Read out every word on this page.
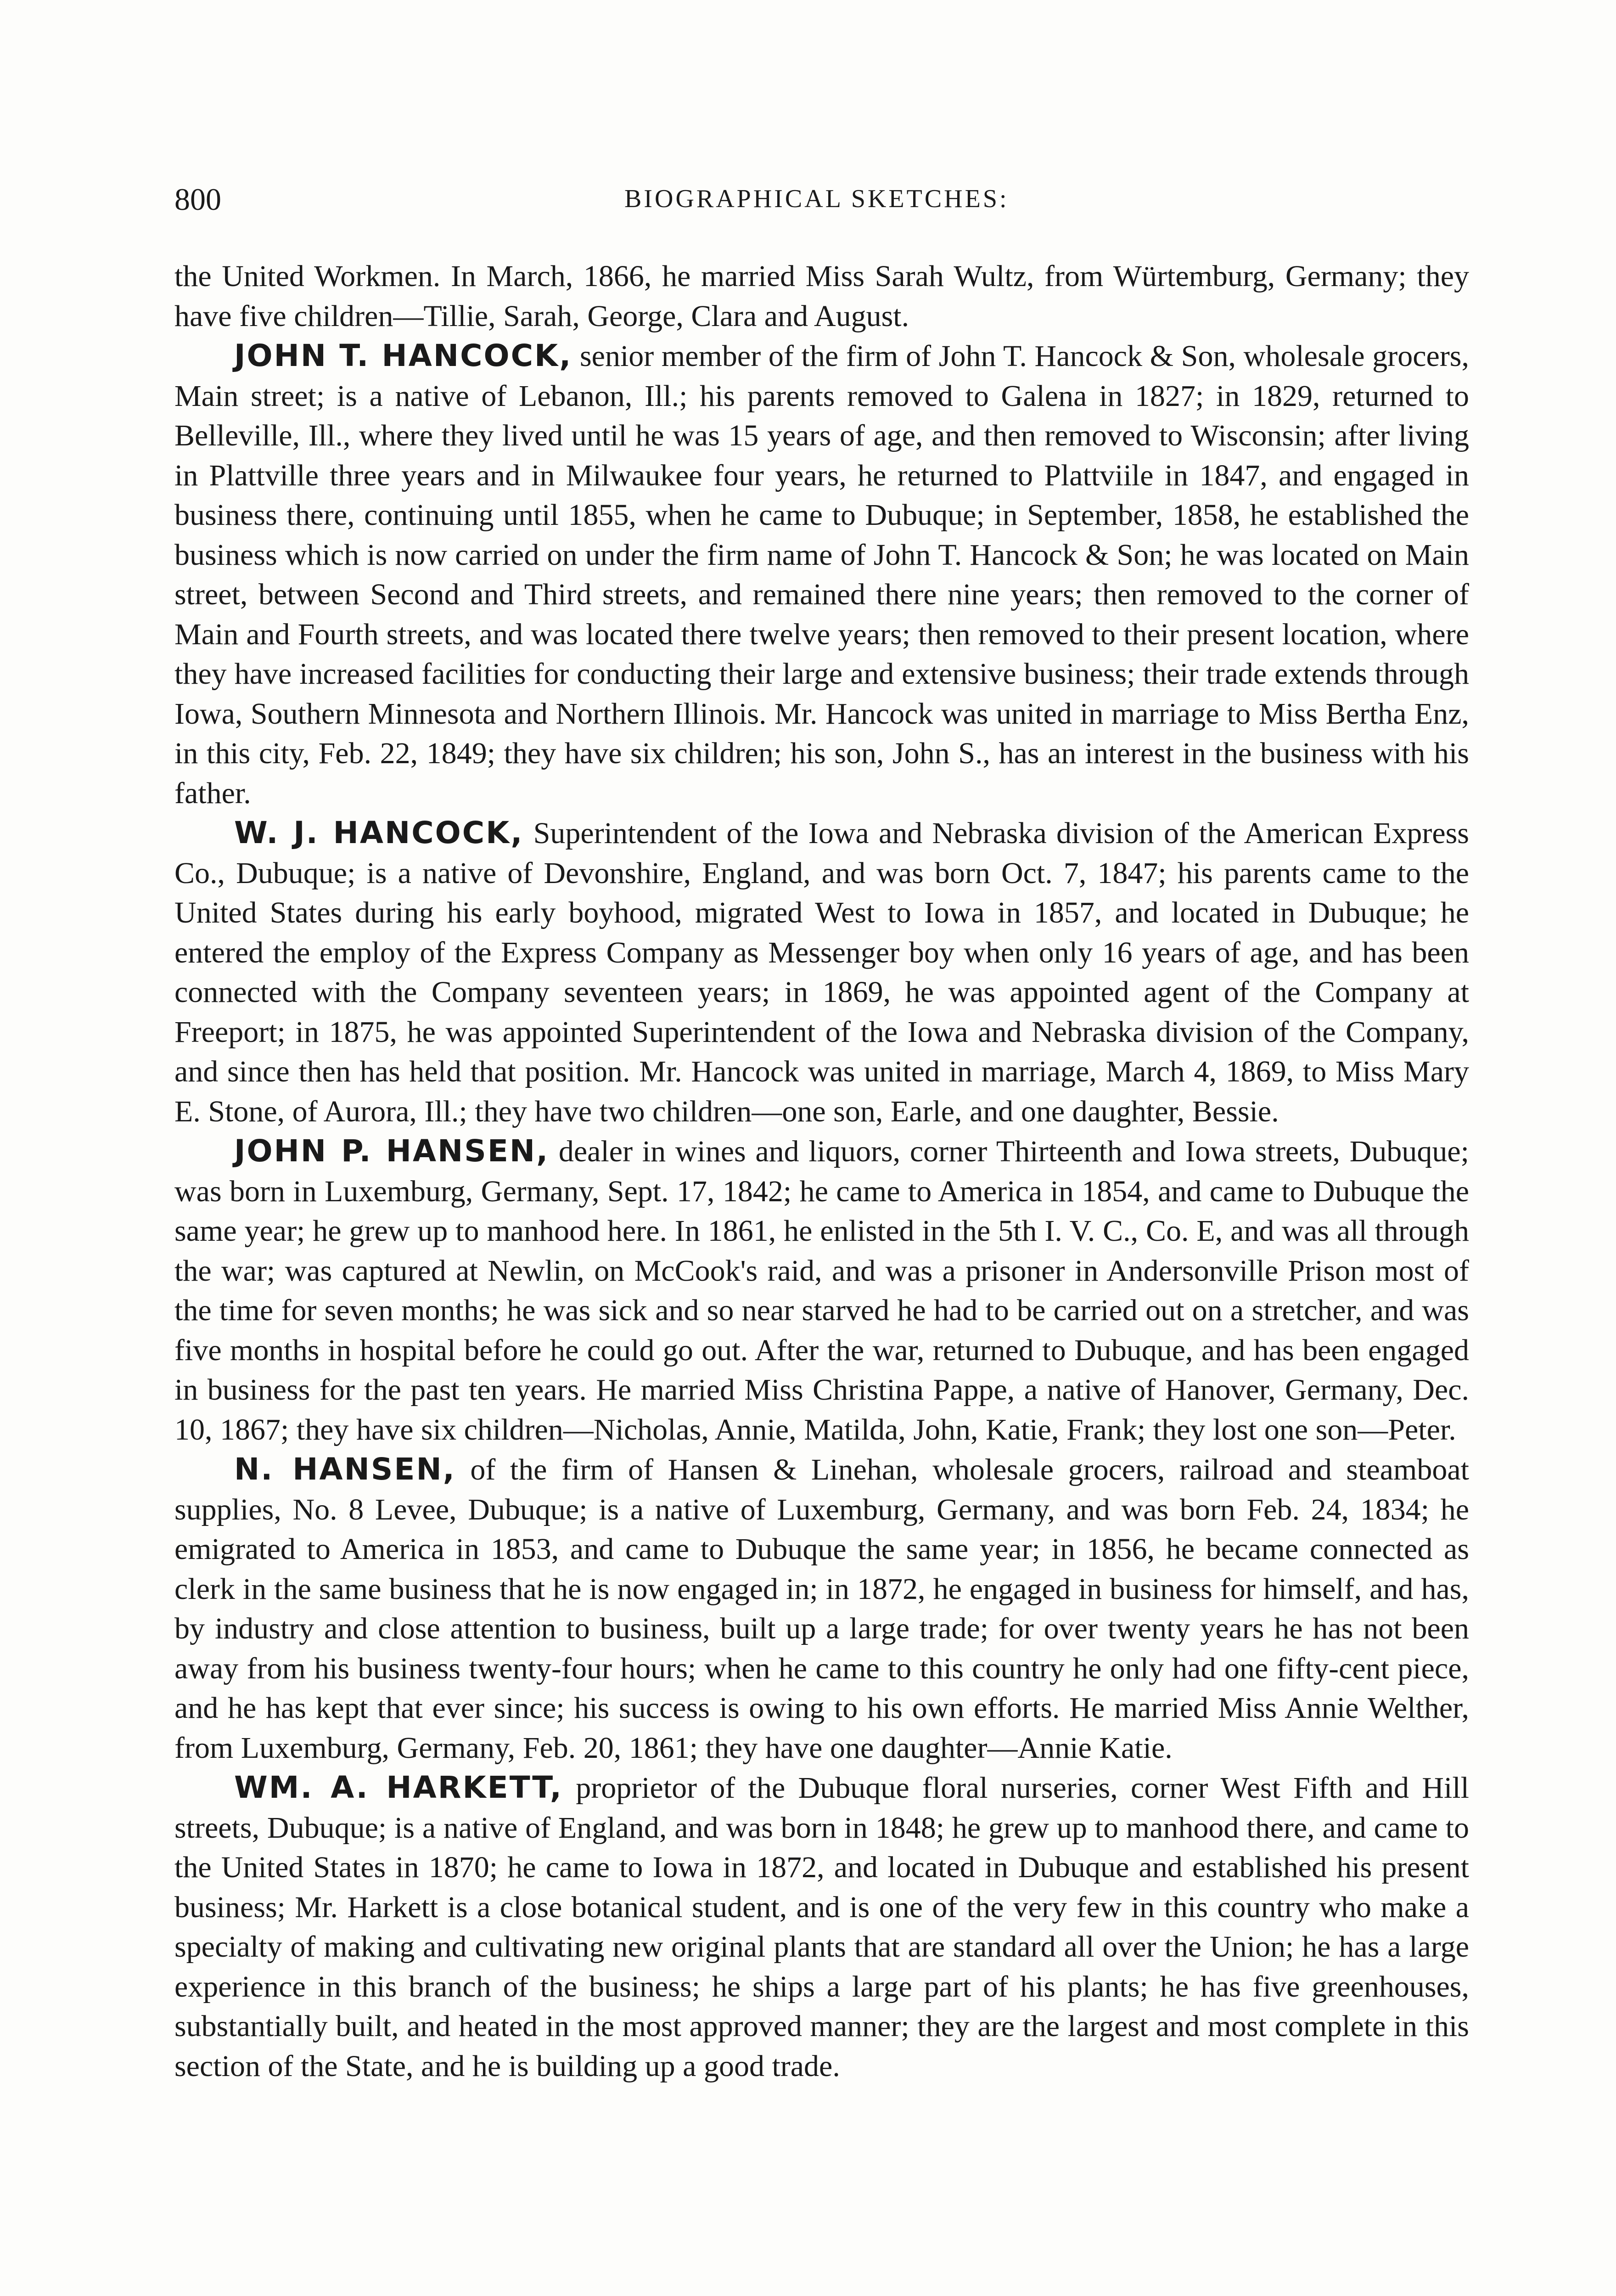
800	BIOGRAPHICAL SKETCHES:

the United Workmen. In March, 1866, he married Miss Sarah Wultz, from Würtemburg, Germany; they have five children—Tillie, Sarah, George, Clara and August.

JOHN T. HANCOCK, senior member of the firm of John T. Hancock & Son, wholesale grocers, Main street; is a native of Lebanon, Ill.; his parents removed to Galena in 1827; in 1829, returned to Belleville, Ill., where they lived until he was 15 years of age, and then removed to Wisconsin; after living in Plattville three years and in Milwaukee four years, he returned to Plattviile in 1847, and engaged in business there, continuing until 1855, when he came to Dubuque; in September, 1858, he established the business which is now carried on under the firm name of John T. Hancock & Son; he was located on Main street, between Second and Third streets, and remained there nine years; then removed to the corner of Main and Fourth streets, and was located there twelve years; then removed to their present location, where they have increased facilities for conducting their large and extensive business; their trade extends through Iowa, Southern Minnesota and Northern Illinois. Mr. Hancock was united in marriage to Miss Bertha Enz, in this city, Feb. 22, 1849; they have six children; his son, John S., has an interest in the business with his father.

W. J. HANCOCK, Superintendent of the Iowa and Nebraska division of the American Express Co., Dubuque; is a native of Devonshire, England, and was born Oct. 7, 1847; his parents came to the United States during his early boyhood, migrated West to Iowa in 1857, and located in Dubuque; he entered the employ of the Express Company as Messenger boy when only 16 years of age, and has been connected with the Company seventeen years; in 1869, he was appointed agent of the Company at Freeport; in 1875, he was appointed Superintendent of the Iowa and Nebraska division of the Company, and since then has held that position. Mr. Hancock was united in marriage, March 4, 1869, to Miss Mary E. Stone, of Aurora, Ill.; they have two children—one son, Earle, and one daughter, Bessie.

JOHN P. HANSEN, dealer in wines and liquors, corner Thirteenth and Iowa streets, Dubuque; was born in Luxemburg, Germany, Sept. 17, 1842; he came to America in 1854, and came to Dubuque the same year; he grew up to manhood here. In 1861, he enlisted in the 5th I. V. C., Co. E, and was all through the war; was captured at Newlin, on McCook's raid, and was a prisoner in Andersonville Prison most of the time for seven months; he was sick and so near starved he had to be carried out on a stretcher, and was five months in hospital before he could go out. After the war, returned to Dubuque, and has been engaged in business for the past ten years. He married Miss Christina Pappe, a native of Hanover, Germany, Dec. 10, 1867; they have six children—Nicholas, Annie, Matilda, John, Katie, Frank; they lost one son—Peter.

N. HANSEN, of the firm of Hansen & Linehan, wholesale grocers, railroad and steamboat supplies, No. 8 Levee, Dubuque; is a native of Luxemburg, Germany, and was born Feb. 24, 1834; he emigrated to America in 1853, and came to Dubuque the same year; in 1856, he became connected as clerk in the same business that he is now engaged in; in 1872, he engaged in business for himself, and has, by industry and close attention to business, built up a large trade; for over twenty years he has not been away from his business twenty-four hours; when he came to this country he only had one fifty-cent piece, and he has kept that ever since; his success is owing to his own efforts. He married Miss Annie Welther, from Luxemburg, Germany, Feb. 20, 1861; they have one daughter—Annie Katie.

WM. A. HARKETT, proprietor of the Dubuque floral nurseries, corner West Fifth and Hill streets, Dubuque; is a native of England, and was born in 1848; he grew up to manhood there, and came to the United States in 1870; he came to Iowa in 1872, and located in Dubuque and established his present business; Mr. Harkett is a close botanical student, and is one of the very few in this country who make a specialty of making and cultivating new original plants that are standard all over the Union; he has a large experience in this branch of the business; he ships a large part of his plants; he has five greenhouses, substantially built, and heated in the most approved manner; they are the largest and most complete in this section of the State, and he is building up a good trade.
